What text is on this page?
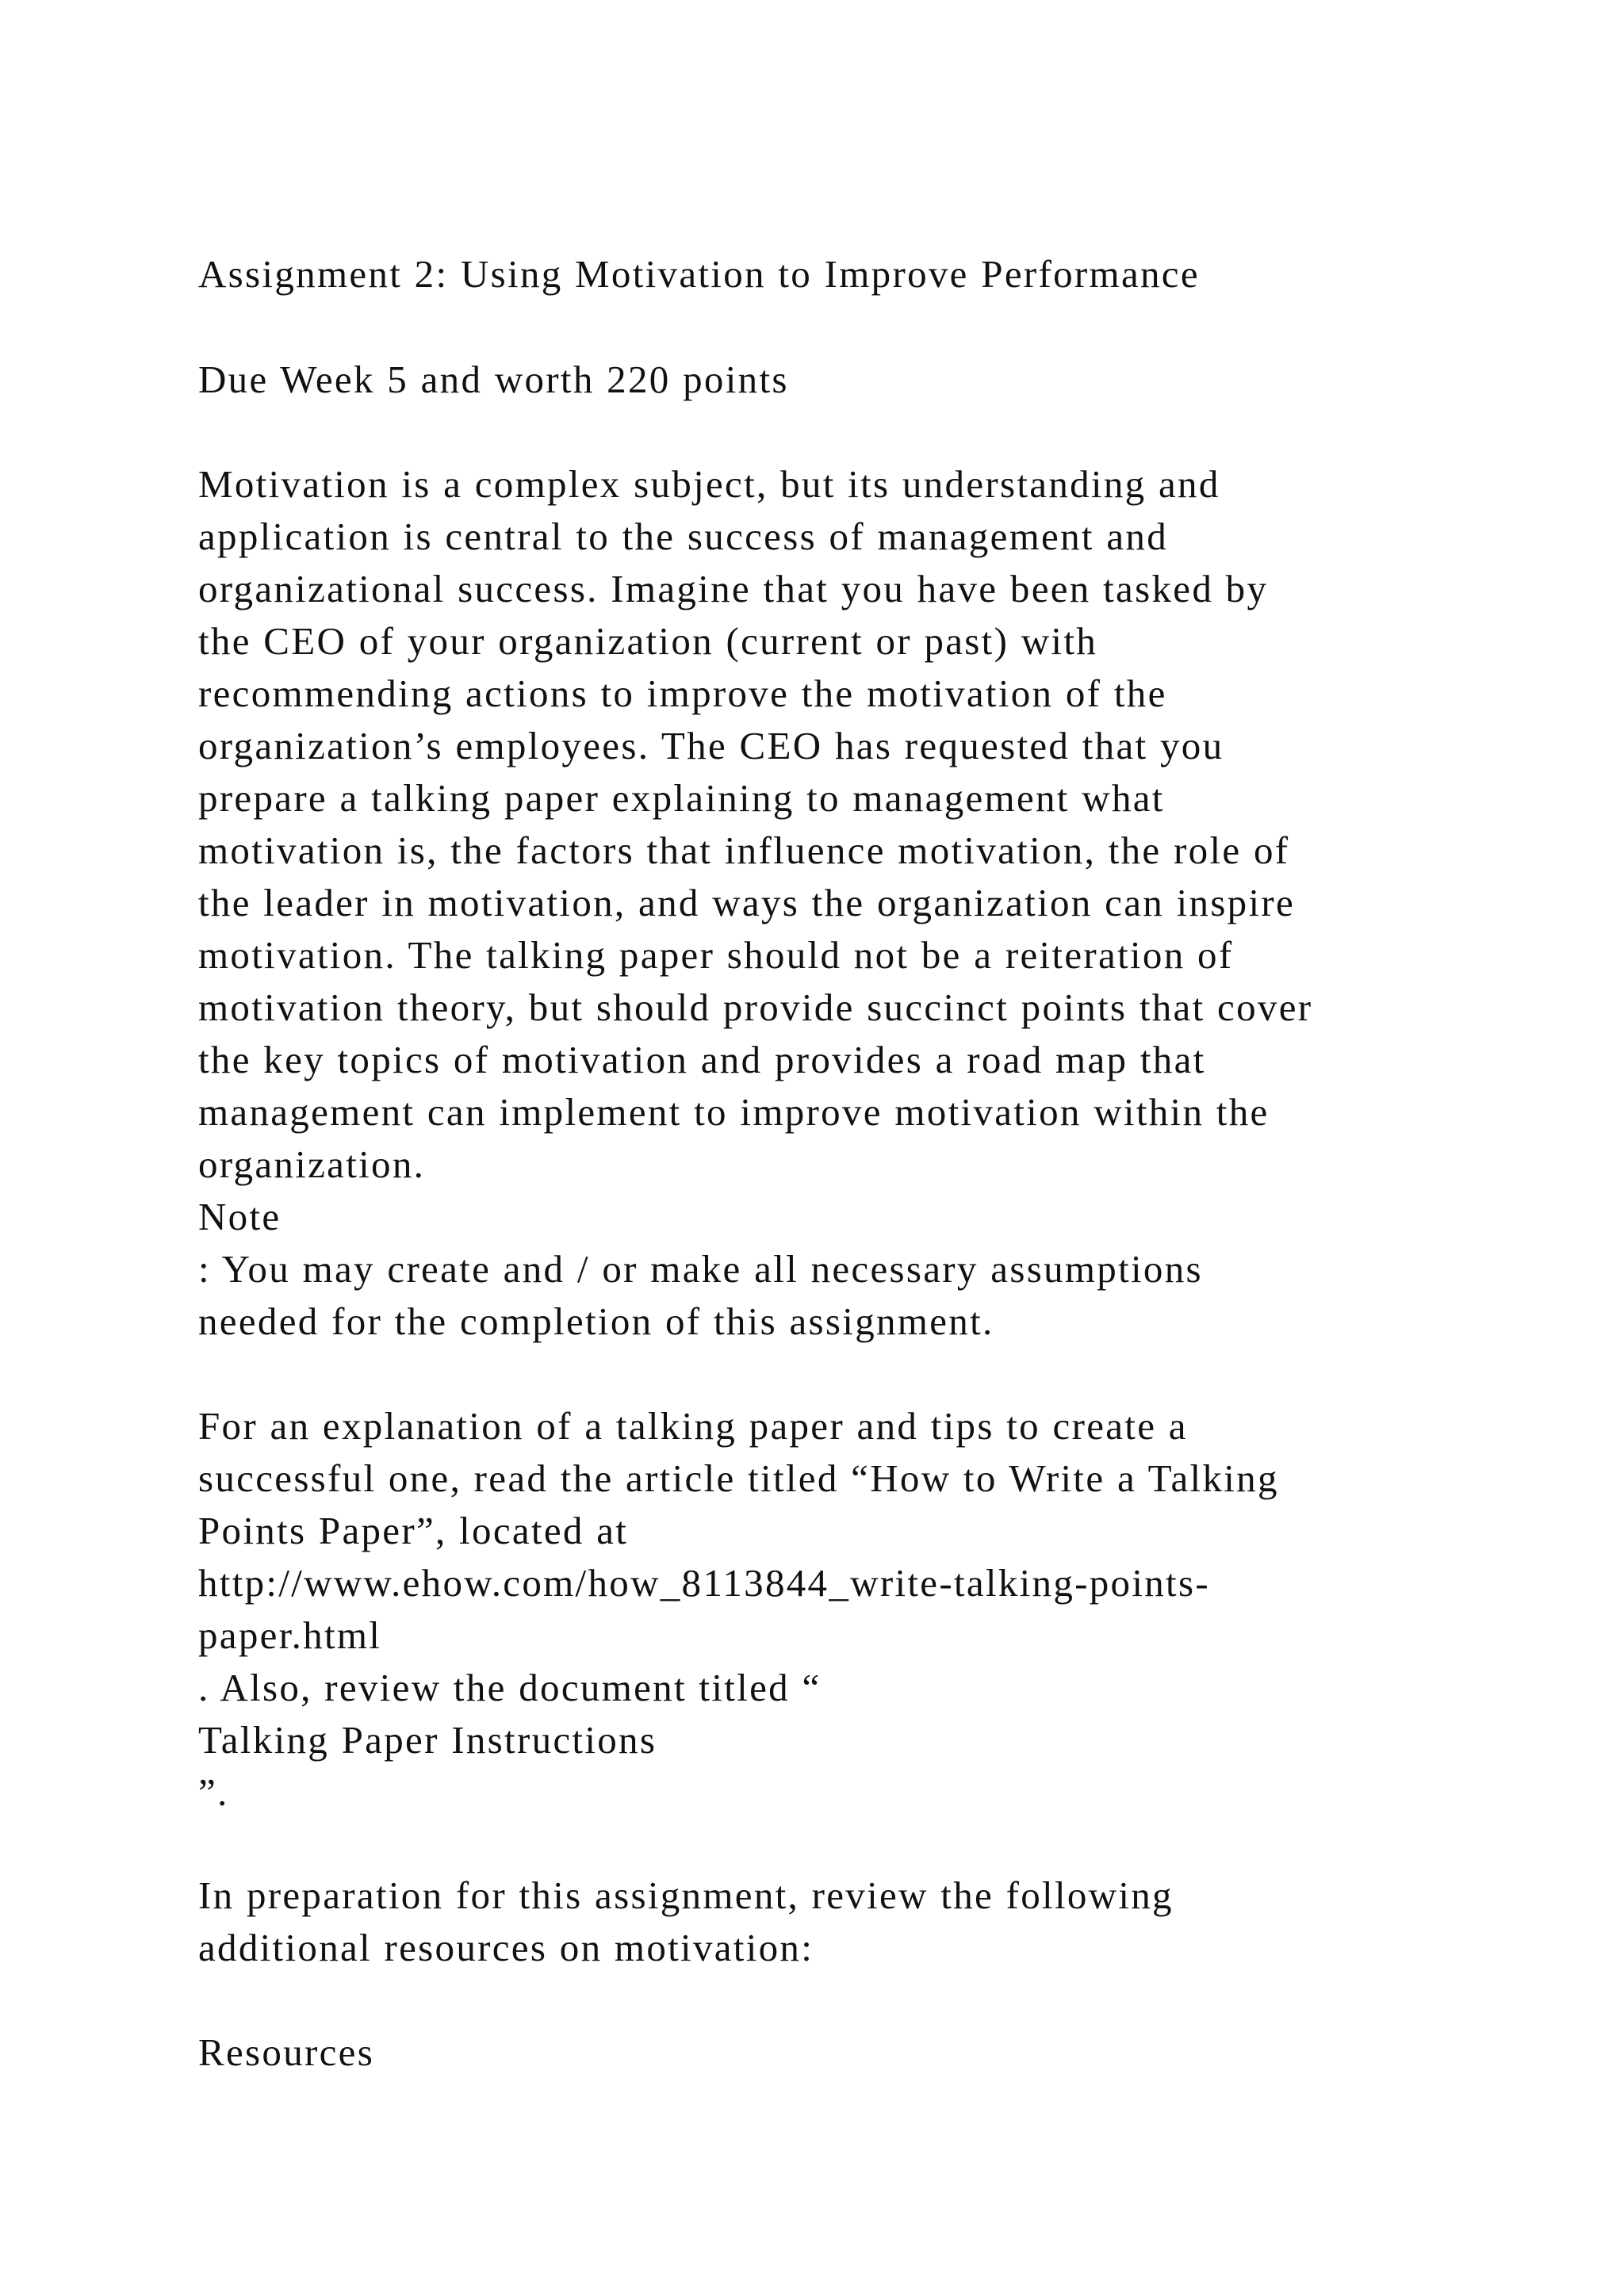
Assignment 2: Using Motivation to Improve Performance
Due Week 5 and worth 220 points
Motivation is a complex subject, but its understanding and
application is central to the success of management and
organizational success. Imagine that you have been tasked by
the CEO of your organization (current or past) with
recommending actions to improve the motivation of the
organization’s employees. The CEO has requested that you
prepare a talking paper explaining to management what
motivation is, the factors that influence motivation, the role of
the leader in motivation, and ways the organization can inspire
motivation. The talking paper should not be a reiteration of
motivation theory, but should provide succinct points that cover
the key topics of motivation and provides a road map that
management can implement to improve motivation within the
organization.
Note
: You may create and / or make all necessary assumptions
needed for the completion of this assignment.
For an explanation of a talking paper and tips to create a
successful one, read the article titled “How to Write a Talking
Points Paper”, located at
http://www.ehow.com/how_8113844_write-talking-points-
paper.html
. Also, review the document titled “
Talking Paper Instructions
”.
In preparation for this assignment, review the following
additional resources on motivation:
Resources
